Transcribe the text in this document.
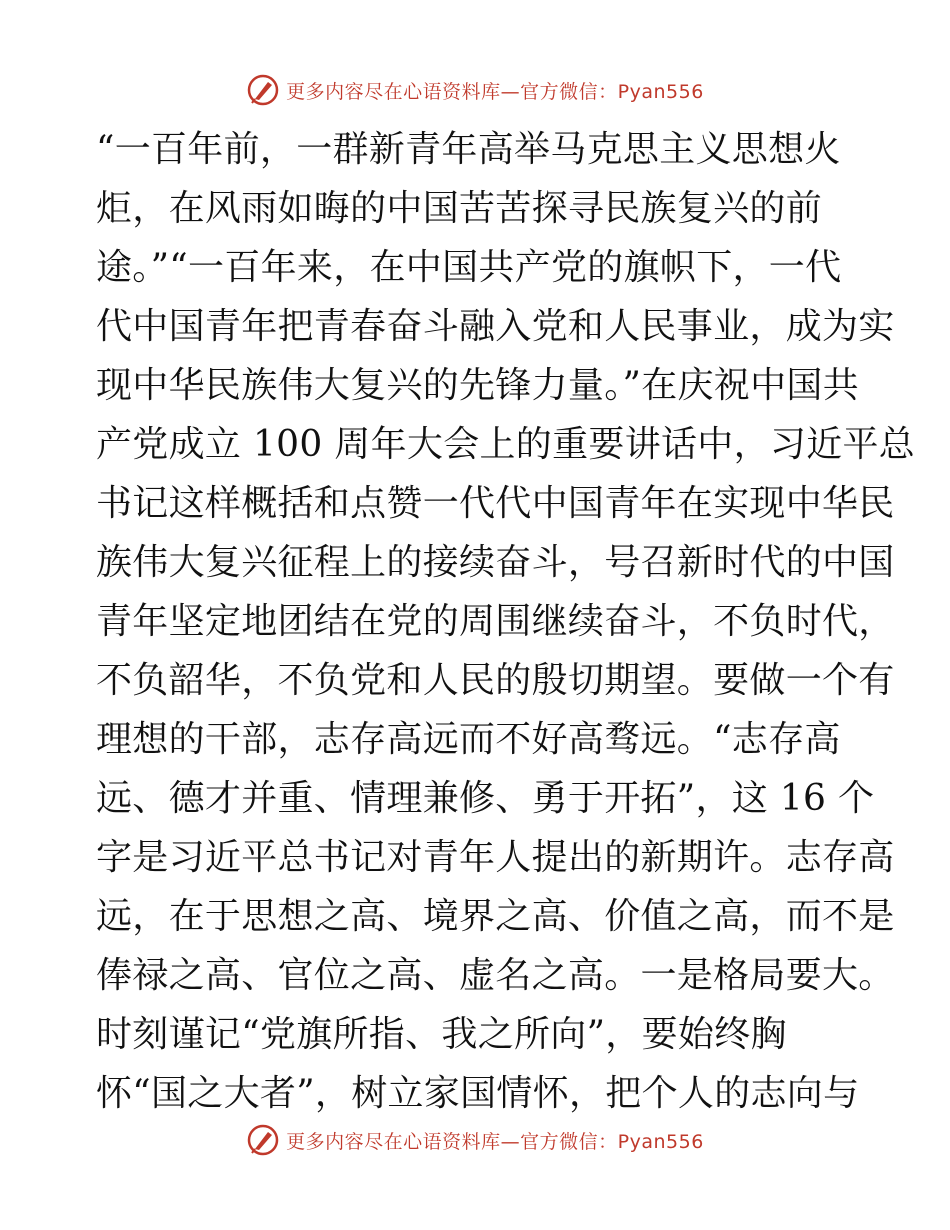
更多内容尽在心语资料库—官方微信：Pyan556
“一百年前，一群新青年高举马克思主义思想火
炬，在风雨如晦的中国苦苦探寻民族复兴的前
途。”“一百年来，在中国共产党的旗帜下，一代
代中国青年把青春奋斗融入党和人民事业，成为实
现中华民族伟大复兴的先锋力量。”在庆祝中国共
产党成立 100 周年大会上的重要讲话中，习近平总
书记这样概括和点赞一代代中国青年在实现中华民
族伟大复兴征程上的接续奋斗，号召新时代的中国
青年坚定地团结在党的周围继续奋斗，不负时代，
不负韶华，不负党和人民的殷切期望。要做一个有
理想的干部，志存高远而不好高骛远。“志存高
远、德才并重、情理兼修、勇于开拓”，这 16 个
字是习近平总书记对青年人提出的新期许。志存高
远，在于思想之高、境界之高、价值之高，而不是
俸禄之高、官位之高、虚名之高。一是格局要大。
时刻谨记“党旗所指、我之所向”，要始终胸
怀“国之大者”，树立家国情怀，把个人的志向与
更多内容尽在心语资料库—官方微信：Pyan556
